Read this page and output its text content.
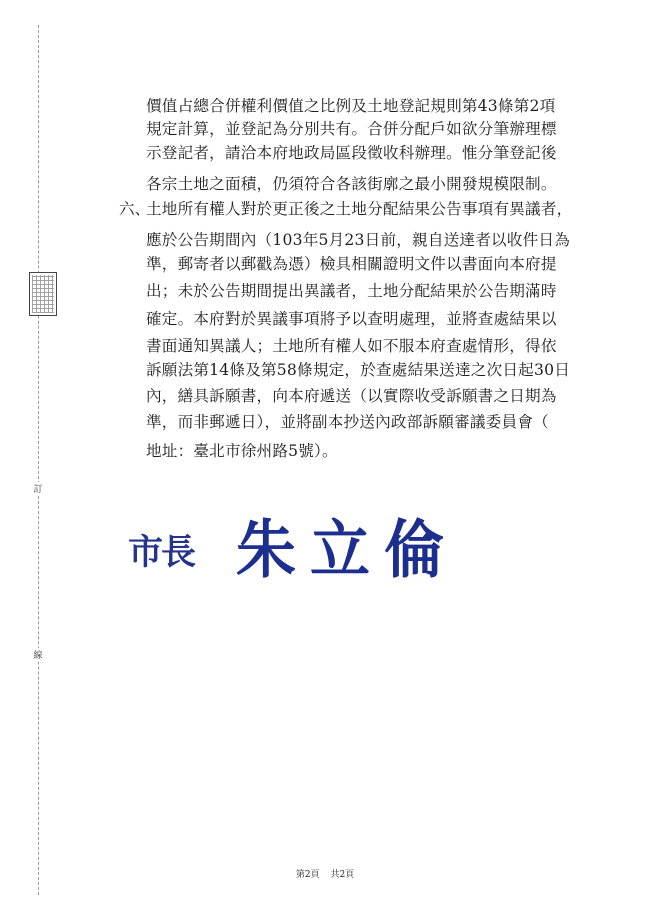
訂
線
價值占總合併權利價值之比例及土地登記規則第43條第2項
規定計算，並登記為分別共有。合併分配戶如欲分筆辦理標
示登記者，請洽本府地政局區段徵收科辦理。惟分筆登記後
各宗土地之面積，仍須符合各該街廓之最小開發規模限制。
六、
土地所有權人對於更正後之土地分配結果公告事項有異議者，
應於公告期間內（103年5月23日前，親自送達者以收件日為
準，郵寄者以郵戳為憑）檢具相關證明文件以書面向本府提
出；未於公告期間提出異議者，土地分配結果於公告期滿時
確定。本府對於異議事項將予以查明處理，並將查處結果以
書面通知異議人；土地所有權人如不服本府查處情形，得依
訴願法第14條及第58條規定，於查處結果送達之次日起30日
內，繕具訴願書，向本府遞送（以實際收受訴願書之日期為
準，而非郵遞日），並將副本抄送內政部訴願審議委員會（
地址：臺北市徐州路5號）。
市長 朱立倫
第2頁 共2頁
